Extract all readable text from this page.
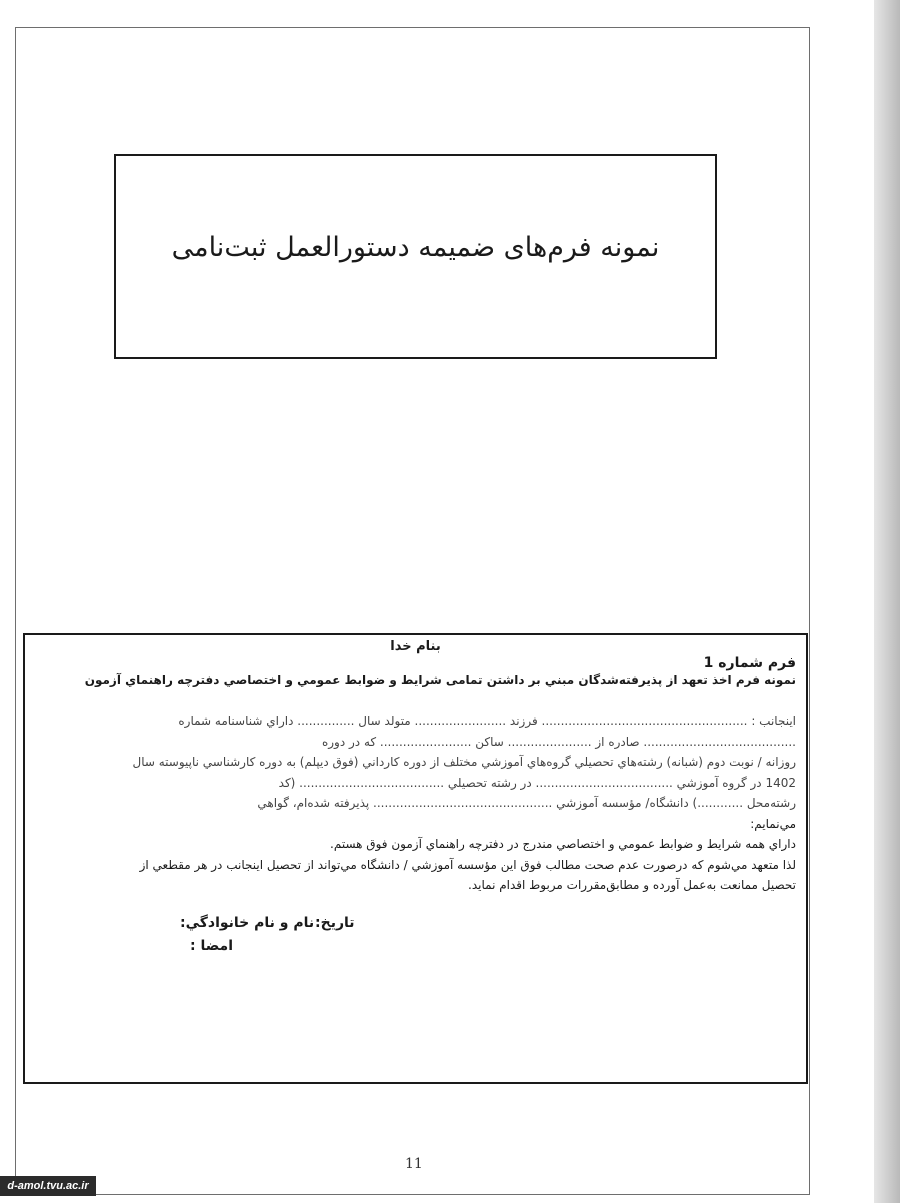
نمونه فرم‌های ضمیمه دستورالعمل ثبت‌نامی
بنام خدا
فرم شماره 1
نمونه فرم اخذ تعهد از پذيرفته‌شدگان مبني بر داشتن تمامی شرايط و ضوابط عمومي و اختصاصي دفترچه راهنماي آزمون
اينجانب : ...................................................... فرزند ........................ متولد سال ............... داراي شناسنامه شماره
........................................ صادره از ...................... ساكن ........................ كه در دوره
روزانه / نوبت دوم (شبانه) رشته‌هاي تحصيلي گروه‌هاي آموزشي مختلف از دوره كارداني (فوق ديپلم) به دوره كارشناسي ناپيوسته سال
1402 در گروه آموزشي .................................... در رشته تحصيلي ...................................... (كد
رشته‌محل ............) دانشگاه/ مؤسسه آموزشي ............................................... پذيرفته شده‌ام، گواهي
مي‌نمايم:
داراي همه شرايط و ضوابط عمومي و اختصاصي مندرج در دفترچه راهنماي آزمون فوق هستم.
لذا متعهد مي‌شوم كه درصورت عدم صحت مطالب فوق اين مؤسسه آموزشي / دانشگاه مي‌تواند از تحصيل اينجانب در هر مقطعي از
تحصيل ممانعت به‌عمل آورده و مطابق‌مقررات مربوط اقدام نمايد.
تاريخ:
نام و نام خانوادگي:
امضا :
11
d-amol.tvu.ac.ir
